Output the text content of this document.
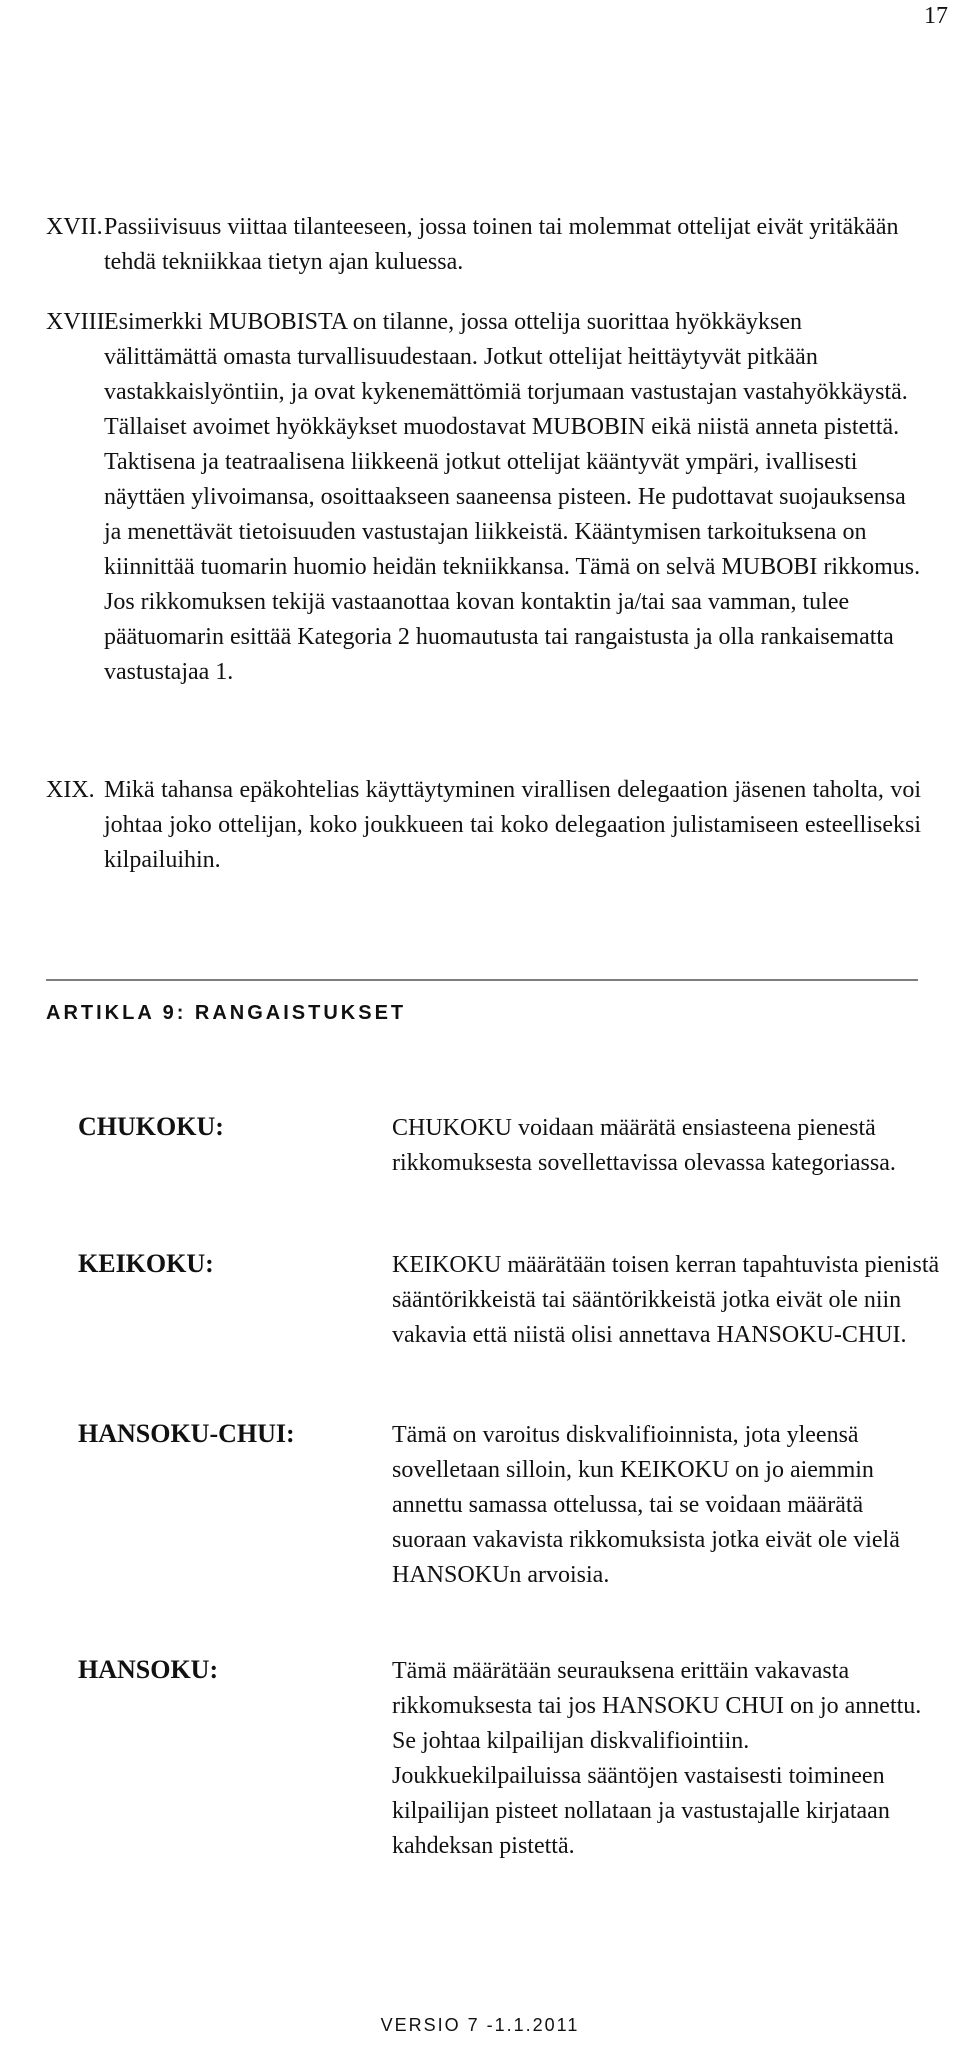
17
XVII. Passiivisuus viittaa tilanteeseen, jossa toinen tai molemmat ottelijat eivät yritäkään tehdä tekniikkaa tietyn ajan kuluessa.
XVIII.
Esimerkki MUBOBISTA on tilanne, jossa ottelija suorittaa hyökkäyksen välittämättä omasta turvallisuudestaan. Jotkut ottelijat heittäytyvät pitkään vastakkaislyöntiin, ja ovat kykenemättömiä torjumaan vastustajan vastahyökkäystä. Tällaiset avoimet hyökkäykset muodostavat MUBOBIN eikä niistä anneta pistettä. Taktisena ja teatraalisena liikkeenä jotkut ottelijat kääntyvät ympäri, ivallisesti näyttäen ylivoimansa, osoittaakseen saaneensa pisteen. He pudottavat suojauksensa ja menettävät tietoisuuden vastustajan liikkeistä. Kääntymisen tarkoituksena on kiinnittää tuomarin huomio heidän tekniikkansa. Tämä on selvä MUBOBI rikkomus. Jos rikkomuksen tekijä vastaanottaa kovan kontaktin ja/tai saa vamman, tulee päätuomarin esittää Kategoria 2 huomautusta tai rangaistusta ja olla rankaisematta vastustajaa 1.
XIX. Mikä tahansa epäkohtelias käyttäytyminen virallisen delegaation jäsenen taholta, voi johtaa joko ottelijan, koko joukkueen tai koko delegaation julistamiseen esteelliseksi kilpailuihin.
ARTIKLA 9: RANGAISTUKSET
CHUKOKU:	CHUKOKU voidaan määrätä ensiasteena pienestä rikkomuksesta sovellettavissa olevassa kategoriassa.
KEIKOKU:	KEIKOKU määrätään toisen kerran tapahtuvista pienistä sääntörikkeistä tai sääntörikkeistä jotka eivät ole niin vakavia että niistä olisi annettava HANSOKU-CHUI.
HANSOKU-CHUI:	Tämä on varoitus diskvalifioinnista, jota yleensä sovelletaan silloin, kun KEIKOKU on jo aiemmin annettu samassa ottelussa, tai se voidaan määrätä suoraan vakavista rikkomuksista jotka eivät ole vielä HANSOKUn arvoisia.
HANSOKU:	Tämä määrätään seurauksena erittäin vakavasta rikkomuksesta tai jos HANSOKU CHUI on jo annettu. Se johtaa kilpailijan diskvalifiointiin. Joukkuekilpailuissa sääntöjen vastaisesti toimineen kilpailijan pisteet nollataan ja vastustajalle kirjataan kahdeksan pistettä.
VERSIO 7 -1.1.2011
